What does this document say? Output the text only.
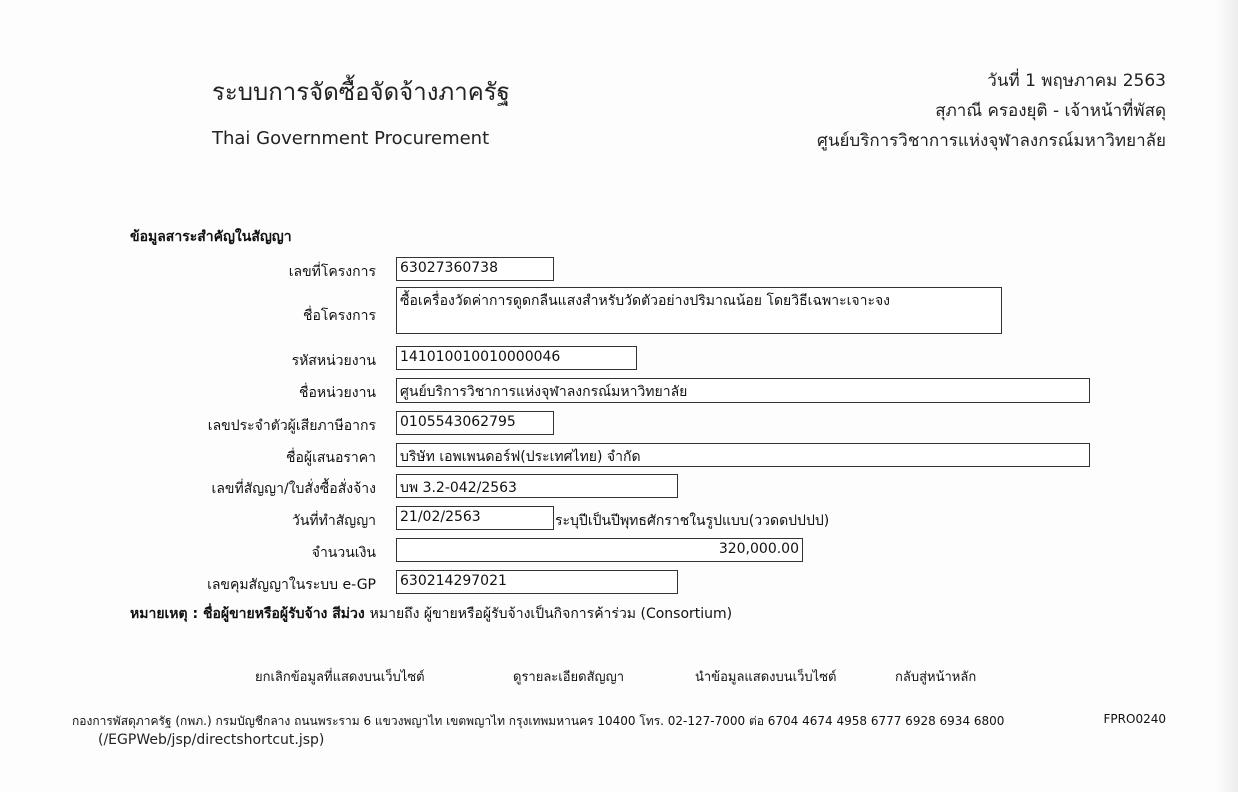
ระบบการจัดซื้อจัดจ้างภาครัฐ
Thai Government Procurement
วันที่ 1 พฤษภาคม 2563
สุภาณี ครองยุติ - เจ้าหน้าที่พัสดุ
ศูนย์บริการวิชาการแห่งจุฬาลงกรณ์มหาวิทยาลัย
ข้อมูลสาระสำคัญในสัญญา
เลขที่โครงการ 63027360738
ชื่อโครงการ
ซื้อเครื่องวัดค่าการดูดกลืนแสงสำหรับวัดตัวอย่างปริมาณน้อย โดยวิธีเฉพาะเจาะจง
รหัสหน่วยงาน 141010010010000046
ชื่อหน่วยงาน ศูนย์บริการวิชาการแห่งจุฬาลงกรณ์มหาวิทยาลัย
เลขประจำตัวผู้เสียภาษีอากร 0105543062795
ชื่อผู้เสนอราคา บริษัท เอพเพนดอร์ฟ(ประเทศไทย) จำกัด
เลขที่สัญญา/ใบสั่งซื้อสั่งจ้าง บพ 3.2-042/2563
วันที่ทำสัญญา 21/02/2563	ระบุปีเป็นปีพุทธศักราชในรูปแบบ(ววดดปปปป)
จำนวนเงิน	320,000.00
เลขคุมสัญญาในระบบ e-GP 630214297021
หมายเหตุ : ชื่อผู้ขายหรือผู้รับจ้าง สีม่วง หมายถึง ผู้ขายหรือผู้รับจ้างเป็นกิจการค้าร่วม (Consortium)
ยกเลิกข้อมูลที่แสดงบนเว็บไซต์	ดูรายละเอียดสัญญา	นำข้อมูลแสดงบนเว็บไซต์	กลับสู่หน้าหลัก
กองการพัสดุภาครัฐ (กพภ.) กรมบัญชีกลาง ถนนพระราม 6 แขวงพญาไท เขตพญาไท กรุงเทพมหานคร 10400 โทร. 02-127-7000 ต่อ 6704 4674 4958 6777 6928 6934 6800	FPRO0240
(/EGPWeb/jsp/directshortcut.jsp)
